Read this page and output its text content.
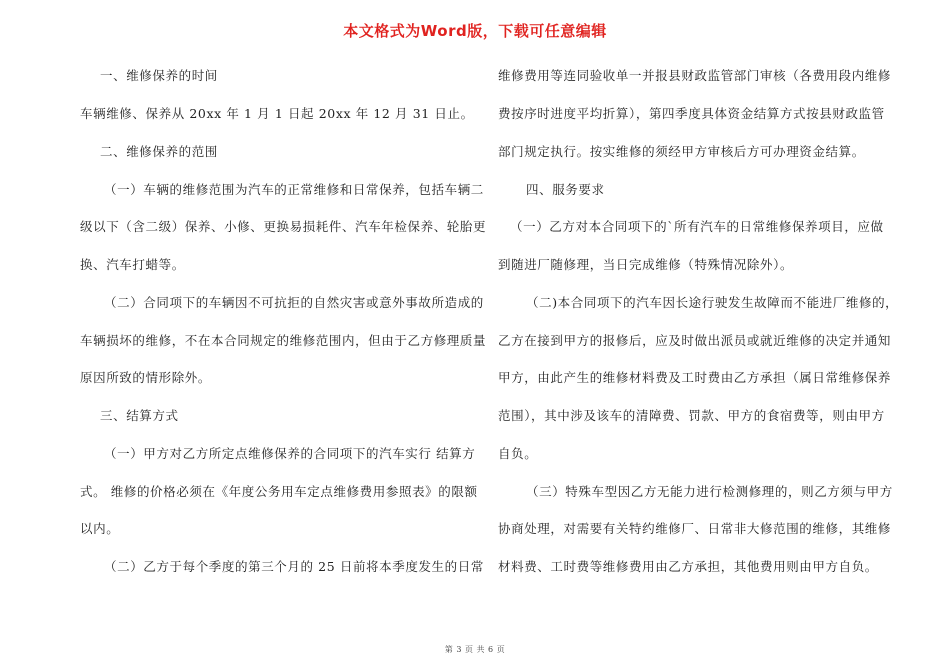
本文格式为Word版，下载可任意编辑
一、维修保养的时间
车辆维修、保养从 20xx 年 1 月 1 日起 20xx 年 12 月 31 日止。
二、维修保养的范围
（一）车辆的维修范围为汽车的正常维修和日常保养，包括车辆二
级以下（含二级）保养、小修、更换易损耗件、汽车年检保养、轮胎更
换、汽车打蜡等。
（二）合同项下的车辆因不可抗拒的自然灾害或意外事故所造成的
车辆损坏的维修，不在本合同规定的维修范围内，但由于乙方修理质量
原因所致的情形除外。
三、结算方式
（一）甲方对乙方所定点维修保养的合同项下的汽车实行 结算方
式。 维修的价格必须在《年度公务用车定点维修费用参照表》的限额
以内。
（二）乙方于每个季度的第三个月的 25 日前将本季度发生的日常
维修费用等连同验收单一并报县财政监管部门审核（各费用段内维修
费按序时进度平均折算），第四季度具体资金结算方式按县财政监管
部门规定执行。按实维修的须经甲方审核后方可办理资金结算。
四、服务要求
（一）乙方对本合同项下的`所有汽车的日常维修保养项目，应做
到随进厂随修理，当日完成维修（特殊情况除外）。
（二)本合同项下的汽车因长途行驶发生故障而不能进厂维修的，
乙方在接到甲方的报修后，应及时做出派员或就近维修的决定并通知
甲方，由此产生的维修材料费及工时费由乙方承担（属日常维修保养
范围），其中涉及该车的清障费、罚款、甲方的食宿费等，则由甲方
自负。
（三）特殊车型因乙方无能力进行检测修理的，则乙方须与甲方
协商处理，对需要有关特约维修厂、日常非大修范围的维修，其维修
材料费、工时费等维修费用由乙方承担，其他费用则由甲方自负。
第 3 页 共 6 页
